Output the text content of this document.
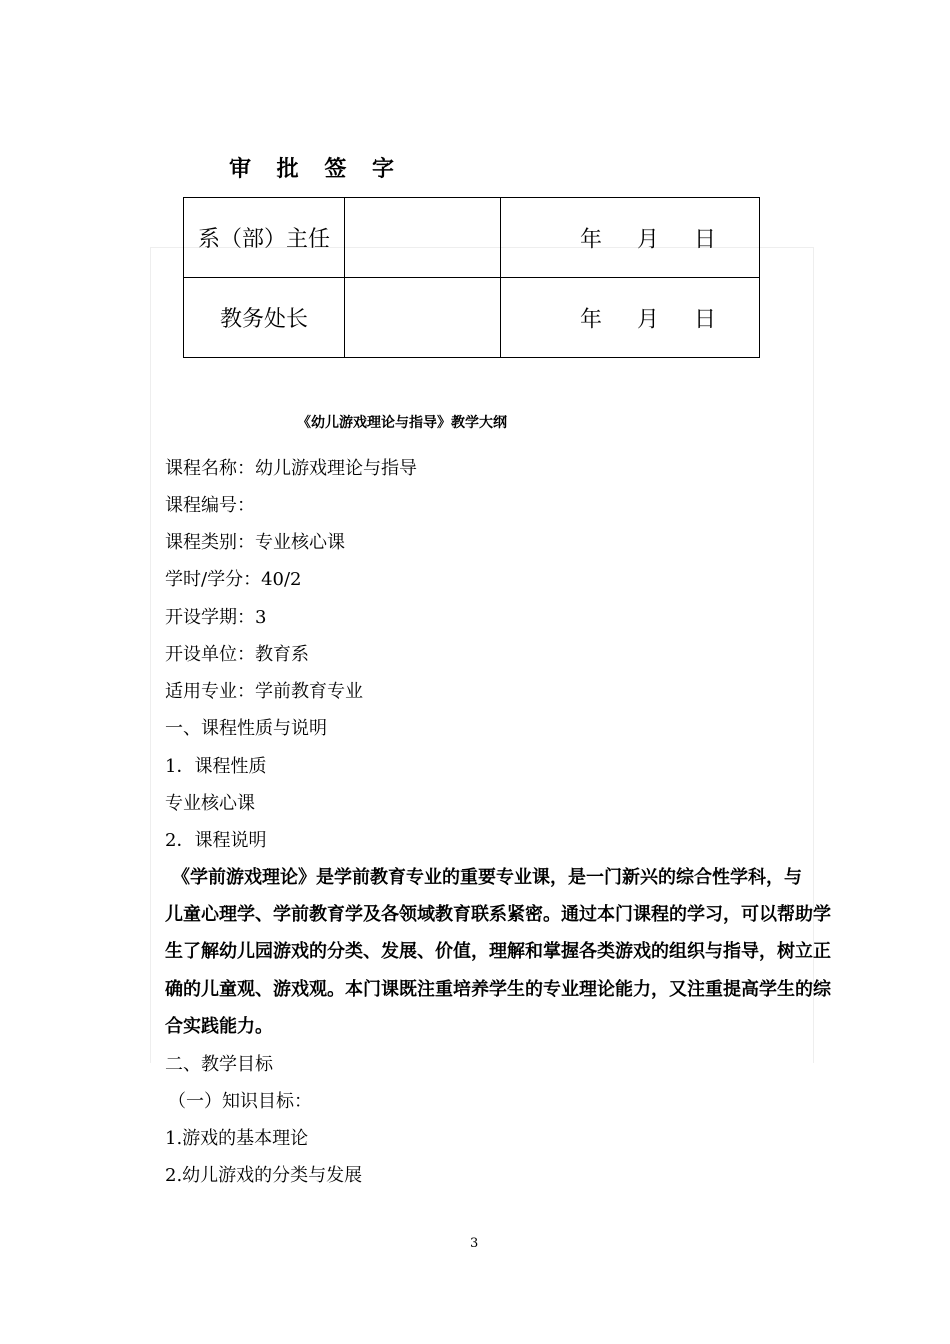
审 批 签 字
系（部）主任		年 月 日

教务处长		年 月 日
《幼儿游戏理论与指导》教学大纲
课程名称：幼儿游戏理论与指导
课程编号：
课程类别：专业核心课
学时/学分：40/2
开设学期：3
开设单位：教育系
适用专业：学前教育专业
一、课程性质与说明
1．课程性质
专业核心课
2．课程说明
《学前游戏理论》是学前教育专业的重要专业课，是一门新兴的综合性学科，与
儿童心理学、学前教育学及各领域教育联系紧密。通过本门课程的学习，可以帮助学
生了解幼儿园游戏的分类、发展、价值，理解和掌握各类游戏的组织与指导，树立正
确的儿童观、游戏观。本门课既注重培养学生的专业理论能力，又注重提高学生的综
合实践能力。
二、教学目标
（一）知识目标：
1.游戏的基本理论
2.幼儿游戏的分类与发展
3
